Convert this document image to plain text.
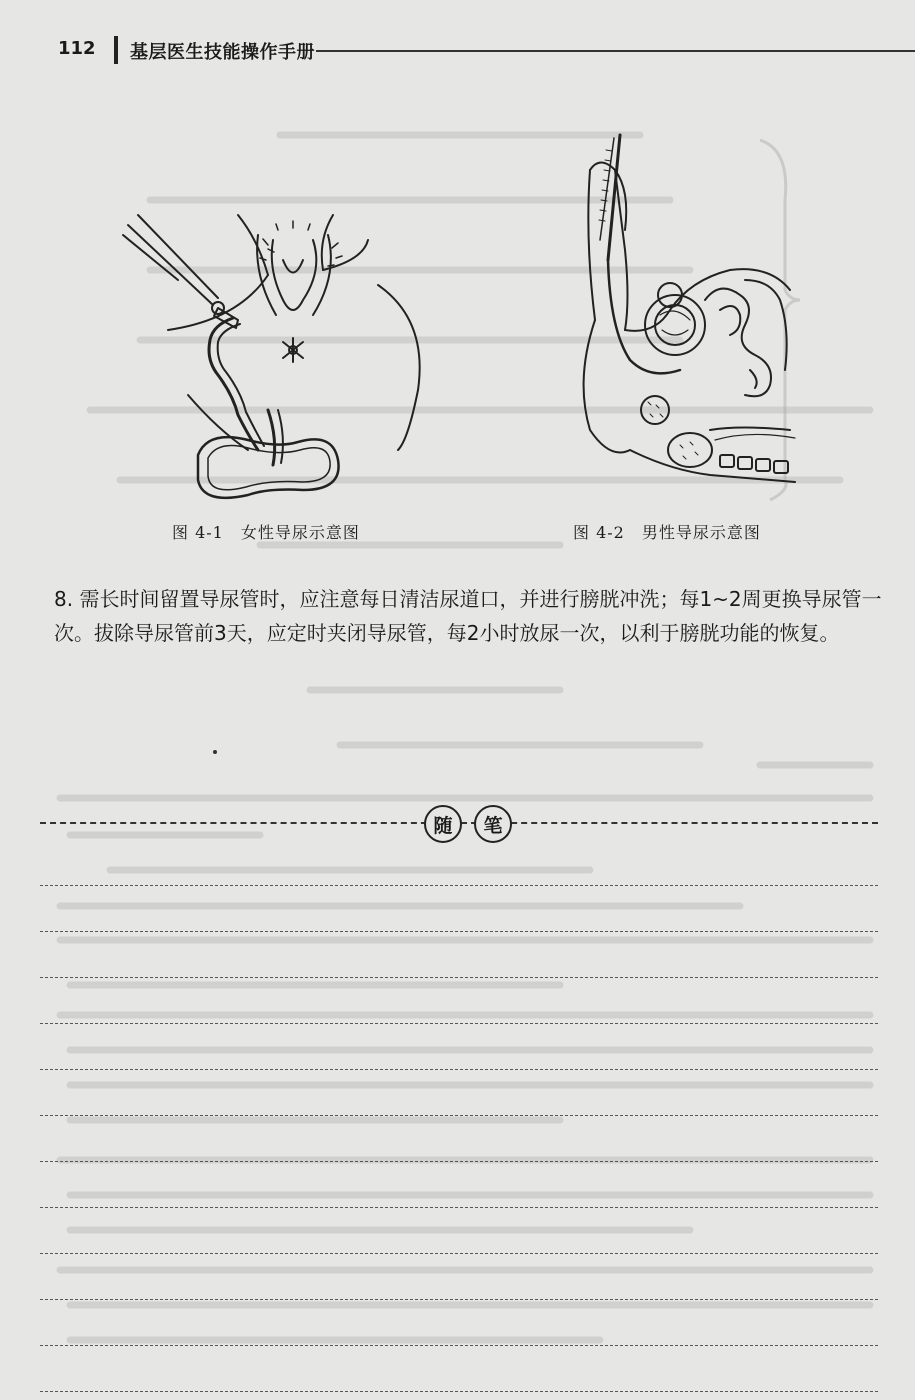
112 基层医生技能操作手册
图 4-1　女性导尿示意图	图 4-2　男性导尿示意图
8. 需长时间留置导尿管时，应注意每日清洁尿道口，并进行膀胱冲洗；每1~2周更换导尿管一次。拔除导尿管前3天，应定时夹闭导尿管，每2小时放尿一次，以利于膀胱功能的恢复。
随	笔
